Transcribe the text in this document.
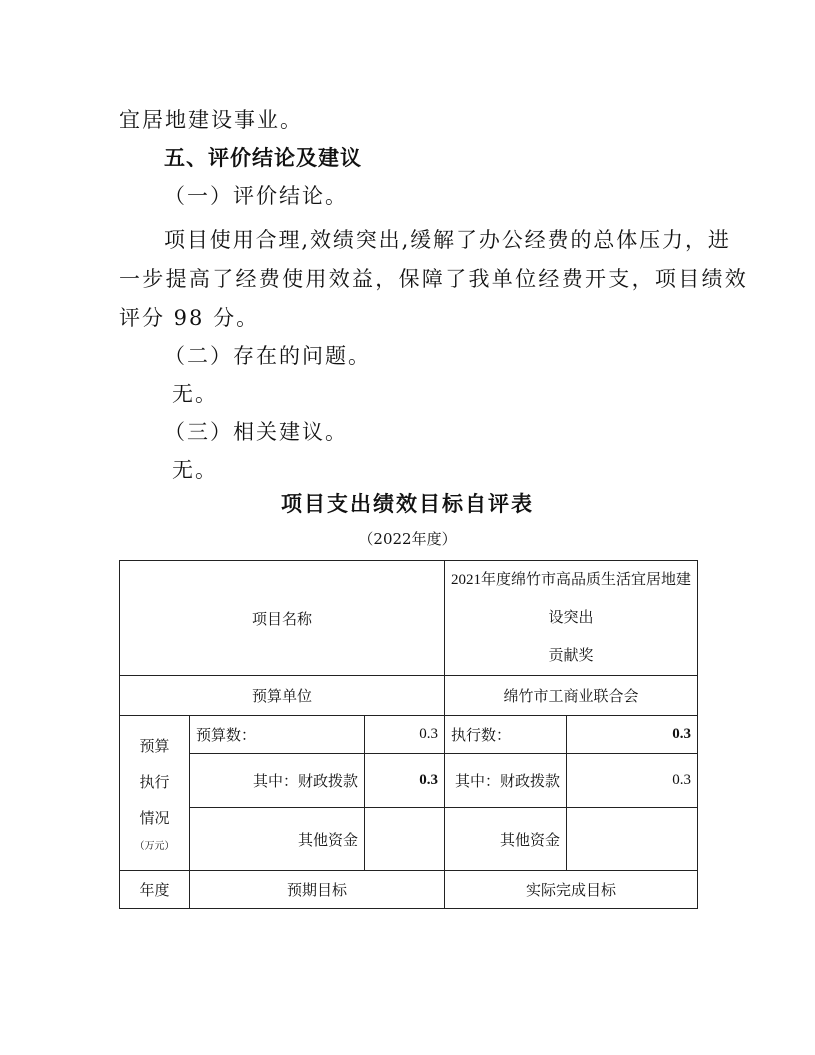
宜居地建设事业。
五、评价结论及建议
（一）评价结论。
项目使用合理,效绩突出,缓解了办公经费的总体压力，进
一步提高了经费使用效益，保障了我单位经费开支，项目绩效
评分 98 分。
（二）存在的问题。
无。
（三）相关建议。
无。
项目支出绩效目标自评表
（2022年度）
项目名称			2021年度绵竹市高品质生活宜居地建设突出
贡献奖	

预算单位			绵竹市工商业联合会	

预算
执行
情况
（万元）	预算数：	0.3	执行数：	0.3
	其中：财政拨款	0.3	其中：财政拨款	0.3
	其他资金		其他资金	
年度	预期目标		实际完成目标	
